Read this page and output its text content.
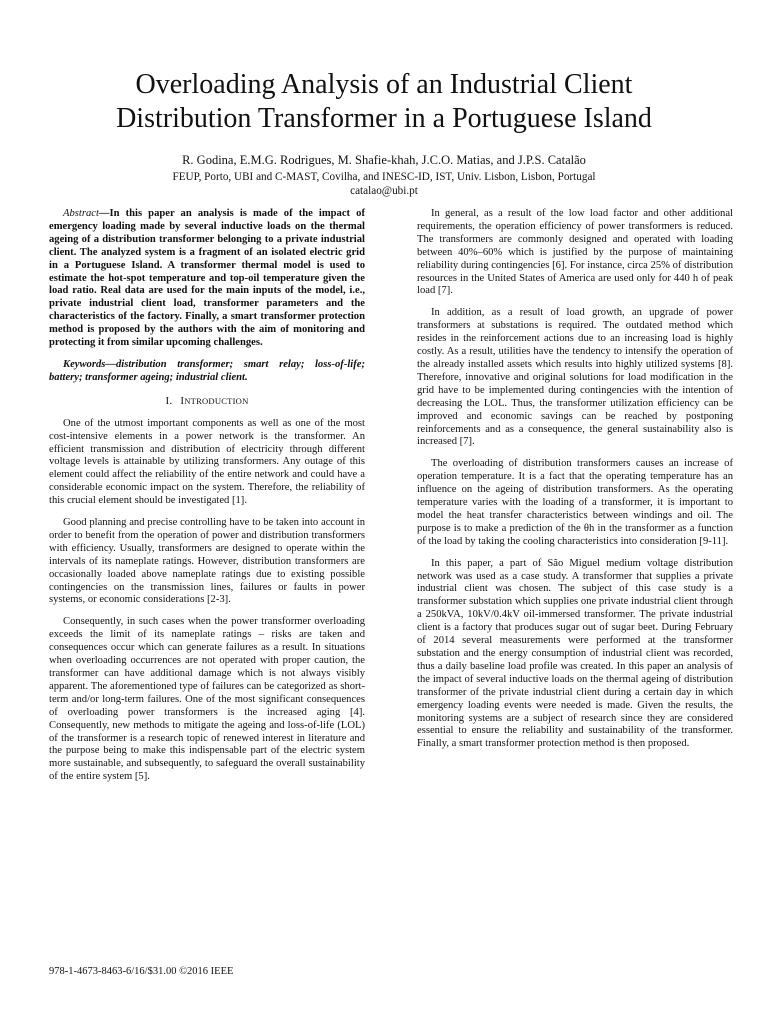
Overloading Analysis of an Industrial Client
Distribution Transformer in a Portuguese Island
R. Godina, E.M.G. Rodrigues, M. Shafie-khah, J.C.O. Matias, and J.P.S. Catalão
FEUP, Porto, UBI and C-MAST, Covilha, and INESC-ID, IST, Univ. Lisbon, Lisbon, Portugal
catalao@ubi.pt

Abstract—In this paper an analysis is made of the impact of emergency loading made by several inductive loads on the thermal ageing of a distribution transformer belonging to a private industrial client. The analyzed system is a fragment of an isolated electric grid in a Portuguese Island. A transformer thermal model is used to estimate the hot-spot temperature and top-oil temperature given the load ratio. Real data are used for the main inputs of the model, i.e., private industrial client load, transformer parameters and the characteristics of the factory. Finally, a smart transformer protection method is proposed by the authors with the aim of monitoring and protecting it from similar upcoming challenges.

Keywords—distribution transformer; smart relay; loss-of-life; battery; transformer ageing; industrial client.

I. INTRODUCTION

One of the utmost important components as well as one of the most cost-intensive elements in a power network is the transformer. An efficient transmission and distribution of electricity through different voltage levels is attainable by utilizing transformers. Any outage of this element could affect the reliability of the entire network and could have a considerable economic impact on the system. Therefore, the reliability of this crucial element should be investigated [1].

Good planning and precise controlling have to be taken into account in order to benefit from the operation of power and distribution transformers with efficiency. Usually, transformers are designed to operate within the intervals of its nameplate ratings. However, distribution transformers are occasionally loaded above nameplate ratings due to existing possible contingencies on the transmission lines, failures or faults in power systems, or economic considerations [2-3].

Consequently, in such cases when the power transformer overloading exceeds the limit of its nameplate ratings – risks are taken and consequences occur which can generate failures as a result. In situations when overloading occurrences are not operated with proper caution, the transformer can have additional damage which is not always visibly apparent. The aforementioned type of failures can be categorized as short-term and/or long-term failures. One of the most significant consequences of overloading power transformers is the increased aging [4]. Consequently, new methods to mitigate the ageing and loss-of-life (LOL) of the transformer is a research topic of renewed interest in literature and the purpose being to make this indispensable part of the electric system more sustainable, and subsequently, to safeguard the overall sustainability of the entire system [5].

In general, as a result of the low load factor and other additional requirements, the operation efficiency of power transformers is reduced. The transformers are commonly designed and operated with loading between 40%–60% which is justified by the purpose of maintaining reliability during contingencies [6]. For instance, circa 25% of distribution resources in the United States of America are used only for 440 h of peak load [7].

In addition, as a result of load growth, an upgrade of power transformers at substations is required. The outdated method which resides in the reinforcement actions due to an increasing load is highly costly. As a result, utilities have the tendency to intensify the operation of the already installed assets which results into highly utilized systems [8]. Therefore, innovative and original solutions for load modification in the grid have to be implemented during contingencies with the intention of decreasing the LOL. Thus, the transformer utilization efficiency can be improved and economic savings can be reached by postponing reinforcements and as a consequence, the general sustainability also is increased [7].

The overloading of distribution transformers causes an increase of operation temperature. It is a fact that the operating temperature has an influence on the ageing of distribution transformers. As the operating temperature varies with the loading of a transformer, it is important to model the heat transfer characteristics between windings and oil. The purpose is to make a prediction of the θh in the transformer as a function of the load by taking the cooling characteristics into consideration [9-11].

In this paper, a part of São Miguel medium voltage distribution network was used as a case study. A transformer that supplies a private industrial client was chosen. The subject of this case study is a transformer substation which supplies one private industrial client through a 250kVA, 10kV/0.4kV oil-immersed transformer. The private industrial client is a factory that produces sugar out of sugar beet. During February of 2014 several measurements were performed at the transformer substation and the energy consumption of industrial client was recorded, thus a daily baseline load profile was created. In this paper an analysis of the impact of several inductive loads on the thermal ageing of distribution transformer of the private industrial client during a certain day in which emergency loading events were needed is made. Given the results, the monitoring systems are a subject of research since they are considered essential to ensure the reliability and sustainability of the transformer. Finally, a smart transformer protection method is then proposed.

978-1-4673-8463-6/16/$31.00 ©2016 IEEE
